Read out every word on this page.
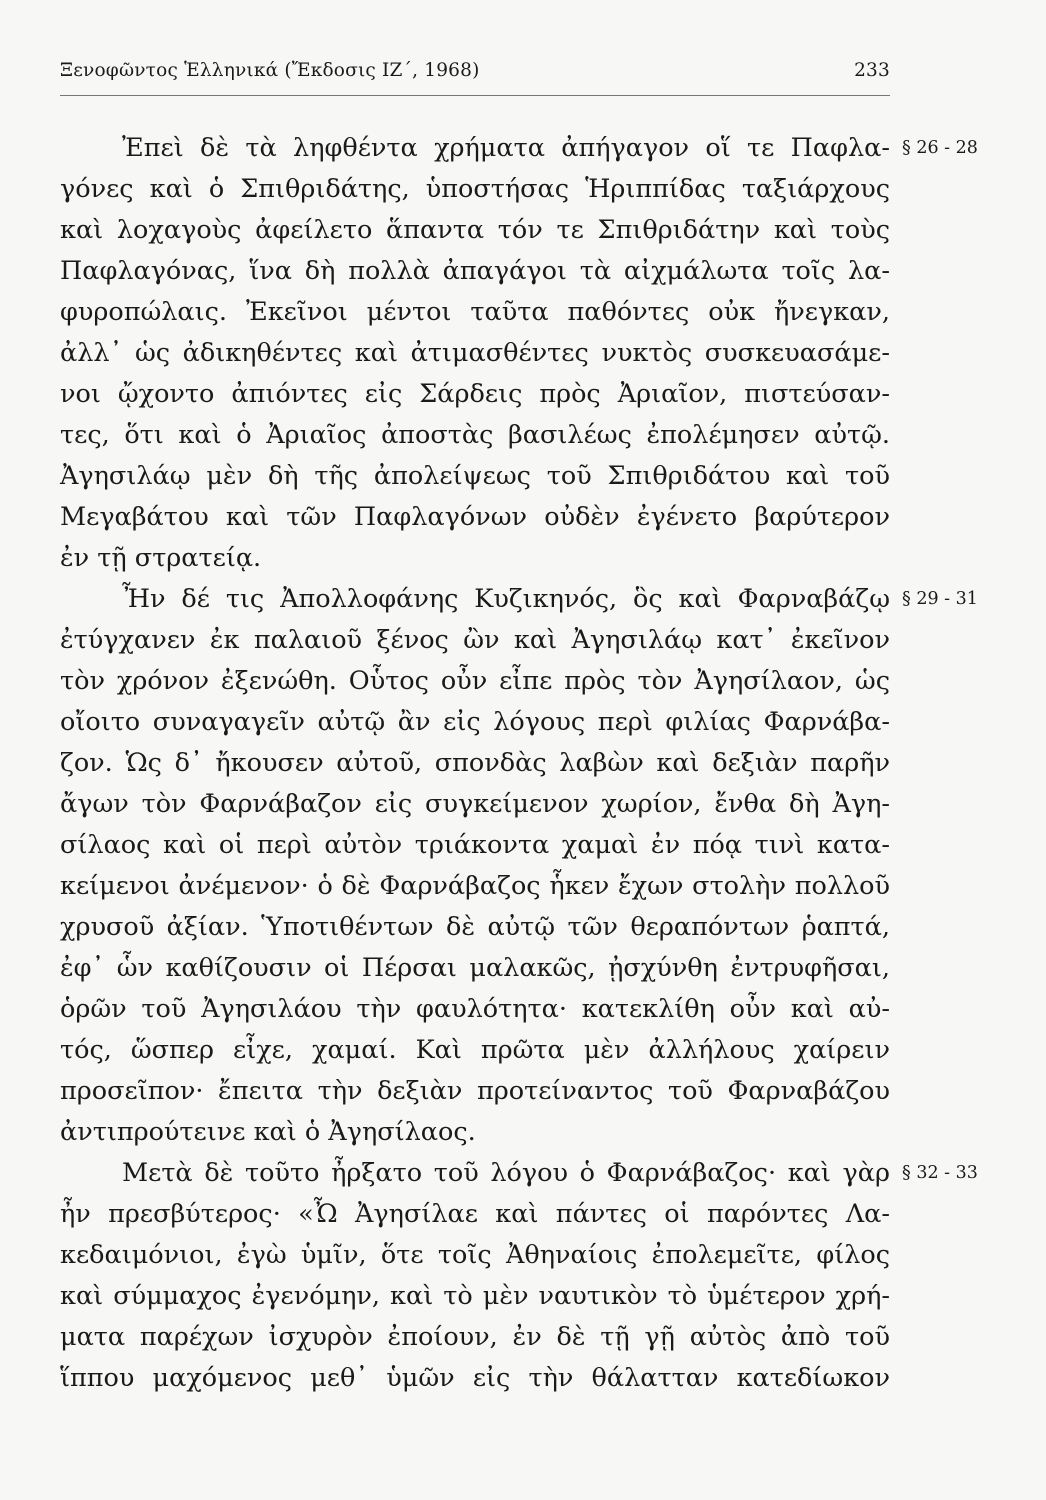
Ξενοφῶντος Ἑλληνικά (Ἔκδοσις ΙΖ΄, 1968)	233
Ἐπεὶ δὲ τὰ ληφθέντα χρήματα ἀπήγαγον οἵ τε Παφλα-
γόνες καὶ ὁ Σπιθριδάτης, ὑποστήσας Ἡριππίδας ταξιάρχους
καὶ λοχαγοὺς ἀφείλετο ἅπαντα τόν τε Σπιθριδάτην καὶ τοὺς
Παφλαγόνας, ἵνα δὴ πολλὰ ἀπαγάγοι τὰ αἰχμάλωτα τοῖς λα-
φυροπώλαις. Ἐκεῖνοι μέντοι ταῦτα παθόντες οὐκ ἤνεγκαν,
ἀλλ᾽ ὡς ἀδικηθέντες καὶ ἀτιμασθέντες νυκτὸς συσκευασάμε-
νοι ᾤχοντο ἀπιόντες εἰς Σάρδεις πρὸς Ἀριαῖον, πιστεύσαν-
τες, ὅτι καὶ ὁ Ἀριαῖος ἀποστὰς βασιλέως ἐπολέμησεν αὐτῷ.
Ἀγησιλάῳ μὲν δὴ τῆς ἀπολείψεως τοῦ Σπιθριδάτου καὶ τοῦ
Μεγαβάτου καὶ τῶν Παφλαγόνων οὐδὲν ἐγένετο βαρύτερον
ἐν τῇ στρατείᾳ.
Ἦν δέ τις Ἀπολλοφάνης Κυζικηνός, ὃς καὶ Φαρναβάζῳ
ἐτύγχανεν ἐκ παλαιοῦ ξένος ὢν καὶ Ἀγησιλάῳ κατ᾽ ἐκεῖνον
τὸν χρόνον ἐξενώθη. Οὗτος οὖν εἶπε πρὸς τὸν Ἀγησίλαον, ὡς
οἴοιτο συναγαγεῖν αὐτῷ ἂν εἰς λόγους περὶ φιλίας Φαρνάβα-
ζον. Ὡς δ᾽ ἤκουσεν αὐτοῦ, σπονδὰς λαβὼν καὶ δεξιὰν παρῆν
ἄγων τὸν Φαρνάβαζον εἰς συγκείμενον χωρίον, ἔνθα δὴ Ἀγη-
σίλαος καὶ οἱ περὶ αὐτὸν τριάκοντα χαμαὶ ἐν πόᾳ τινὶ κατα-
κείμενοι ἀνέμενον· ὁ δὲ Φαρνάβαζος ἧκεν ἔχων στολὴν πολλοῦ
χρυσοῦ ἀξίαν. Ὑποτιθέντων δὲ αὐτῷ τῶν θεραπόντων ῥαπτά,
ἐφ᾽ ὧν καθίζουσιν οἱ Πέρσαι μαλακῶς, ᾐσχύνθη ἐντρυφῆσαι,
ὁρῶν τοῦ Ἀγησιλάου τὴν φαυλότητα· κατεκλίθη οὖν καὶ αὐ-
τός, ὥσπερ εἶχε, χαμαί. Καὶ πρῶτα μὲν ἀλλήλους χαίρειν
προσεῖπον· ἔπειτα τὴν δεξιὰν προτείναντος τοῦ Φαρναβάζου
ἀντιπρούτεινε καὶ ὁ Ἀγησίλαος.
Μετὰ δὲ τοῦτο ἦρξατο τοῦ λόγου ὁ Φαρνάβαζος· καὶ γὰρ
ἦν πρεσβύτερος· «Ὦ Ἀγησίλαε καὶ πάντες οἱ παρόντες Λα-
κεδαιμόνιοι, ἐγὼ ὑμῖν, ὅτε τοῖς Ἀθηναίοις ἐπολεμεῖτε, φίλος
καὶ σύμμαχος ἐγενόμην, καὶ τὸ μὲν ναυτικὸν τὸ ὑμέτερον χρή-
ματα παρέχων ἰσχυρὸν ἐποίουν, ἐν δὲ τῇ γῇ αὐτὸς ἀπὸ τοῦ
ἵππου μαχόμενος μεθ᾽ ὑμῶν εἰς τὴν θάλατταν κατεδίωκον
§ 26 - 28
§ 29 - 31
§ 32 - 33
